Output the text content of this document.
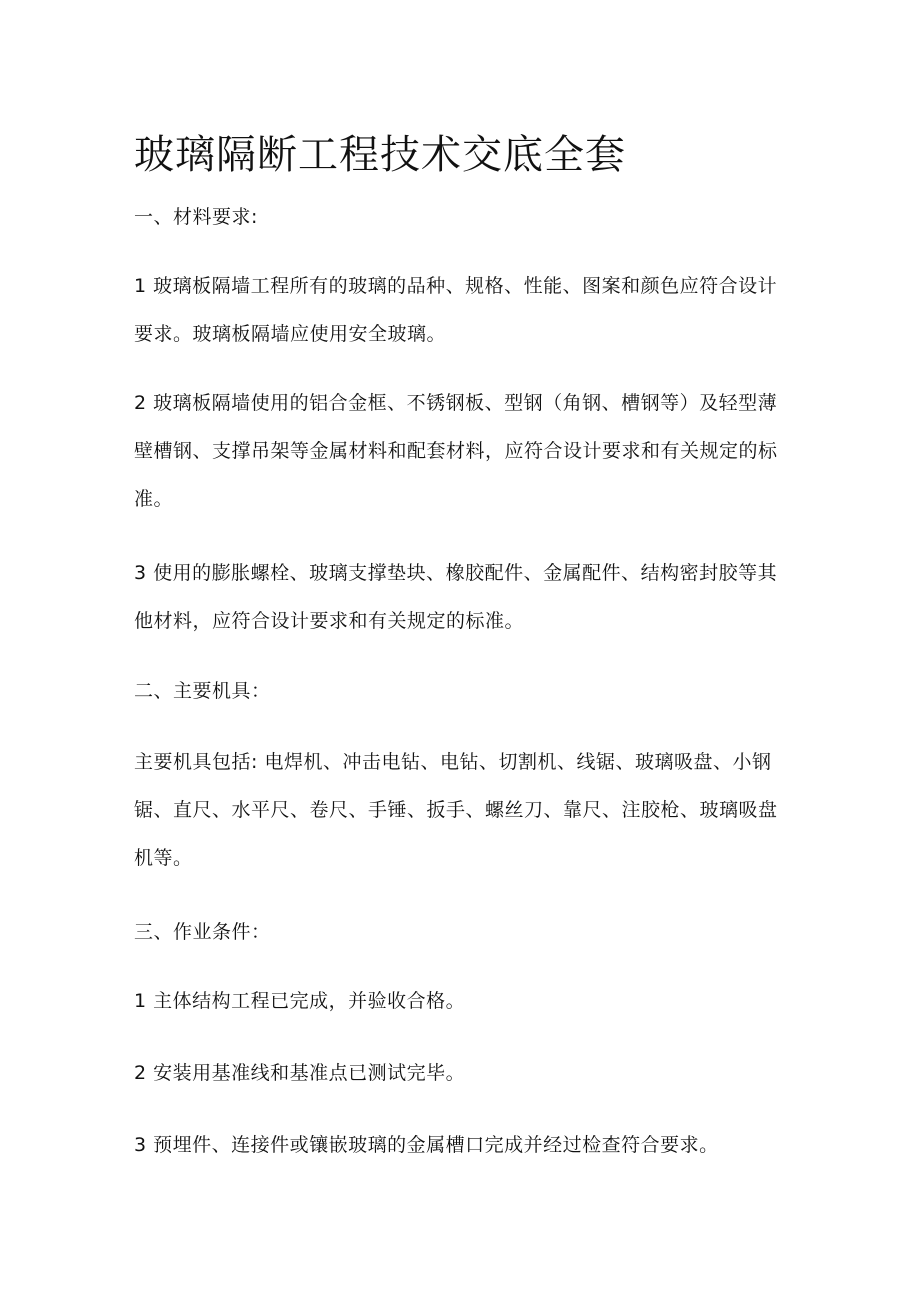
玻璃隔断工程技术交底全套

一、材料要求:

1 玻璃板隔墙工程所有的玻璃的品种、规格、性能、图案和颜色应符合设计
要求。玻璃板隔墙应使用安全玻璃。

2 玻璃板隔墙使用的铝合金框、不锈钢板、型钢（角钢、槽钢等）及轻型薄
壁槽钢、支撑吊架等金属材料和配套材料，应符合设计要求和有关规定的标
准。

3 使用的膨胀螺栓、玻璃支撑垫块、橡胶配件、金属配件、结构密封胶等其
他材料，应符合设计要求和有关规定的标准。

二、主要机具：

主要机具包括: 电焊机、冲击电钻、电钻、切割机、线锯、玻璃吸盘、小钢
锯、直尺、水平尺、卷尺、手锤、扳手、螺丝刀、靠尺、注胶枪、玻璃吸盘
机等。

三、作业条件：

1 主体结构工程已完成，并验收合格。

2 安装用基准线和基准点已测试完毕。

3 预埋件、连接件或镶嵌玻璃的金属槽口完成并经过检查符合要求。
